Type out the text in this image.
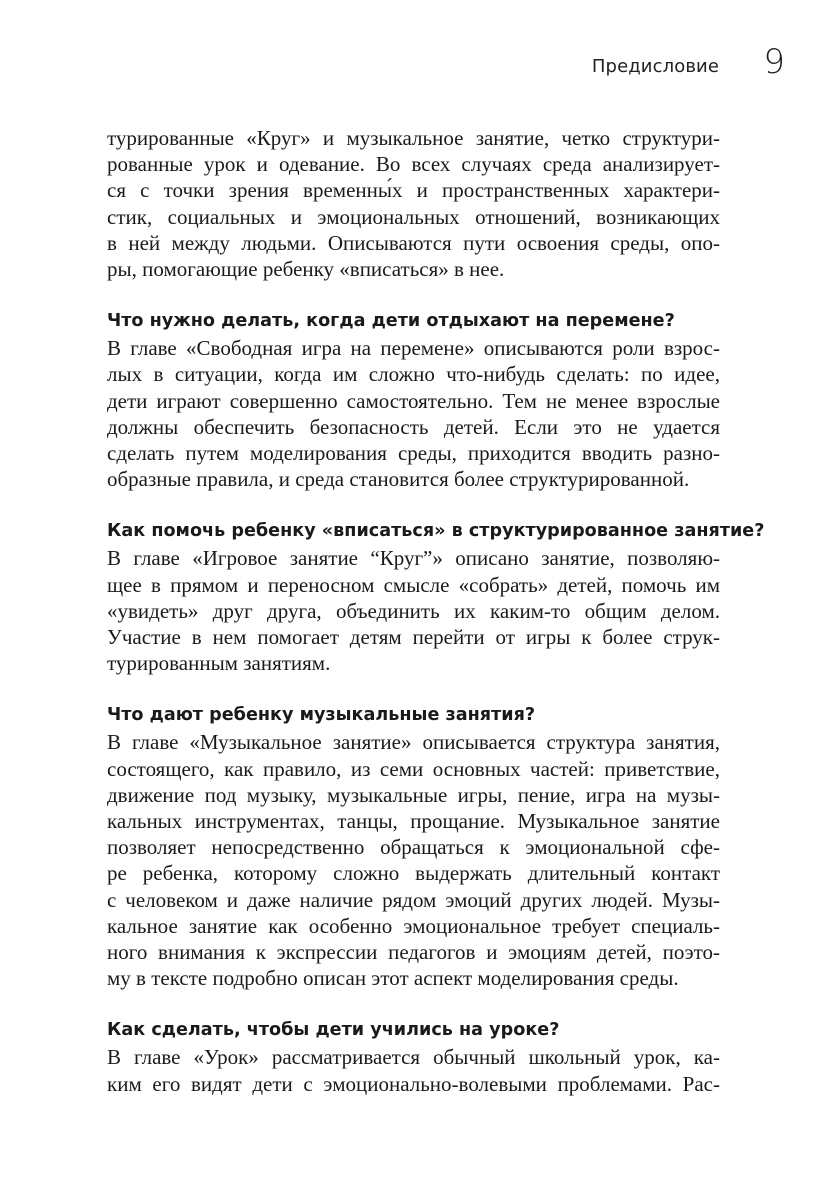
Предисловие 9

турированные «Круг» и музыкальное занятие, четко структури-
рованные урок и одевание. Во всех случаях среда анализирует-
ся с точки зрения временны́х и пространственных характери-
стик, социальных и эмоциональных отношений, возникающих
в ней между людьми. Описываются пути освоения среды, опо-
ры, помогающие ребенку «вписаться» в нее.

Что нужно делать, когда дети отдыхают на перемене?

В главе «Свободная игра на перемене» описываются роли взрос-
лых в ситуации, когда им сложно что-нибудь сделать: по идее,
дети играют совершенно самостоятельно. Тем не менее взрослые
должны обеспечить безопасность детей. Если это не удается
сделать путем моделирования среды, приходится вводить разно-
образные правила, и среда становится более структурированной.

Как помочь ребенку «вписаться» в структурированное занятие?

В главе «Игровое занятие “Круг”» описано занятие, позволяю-
щее в прямом и переносном смысле «собрать» детей, помочь им
«увидеть» друг друга, объединить их каким-то общим делом.
Участие в нем помогает детям перейти от игры к более струк-
турированным занятиям.

Что дают ребенку музыкальные занятия?

В главе «Музыкальное занятие» описывается структура занятия,
состоящего, как правило, из семи основных частей: приветствие,
движение под музыку, музыкальные игры, пение, игра на музы-
кальных инструментах, танцы, прощание. Музыкальное занятие
позволяет непосредственно обращаться к эмоциональной сфе-
ре ребенка, которому сложно выдержать длительный контакт
с человеком и даже наличие рядом эмоций других людей. Музы-
кальное занятие как особенно эмоциональное требует специаль-
ного внимания к экспрессии педагогов и эмоциям детей, поэто-
му в тексте подробно описан этот аспект моделирования среды.

Как сделать, чтобы дети учились на уроке?

В главе «Урок» рассматривается обычный школьный урок, ка-
ким его видят дети с эмоционально-волевыми проблемами. Рас-
